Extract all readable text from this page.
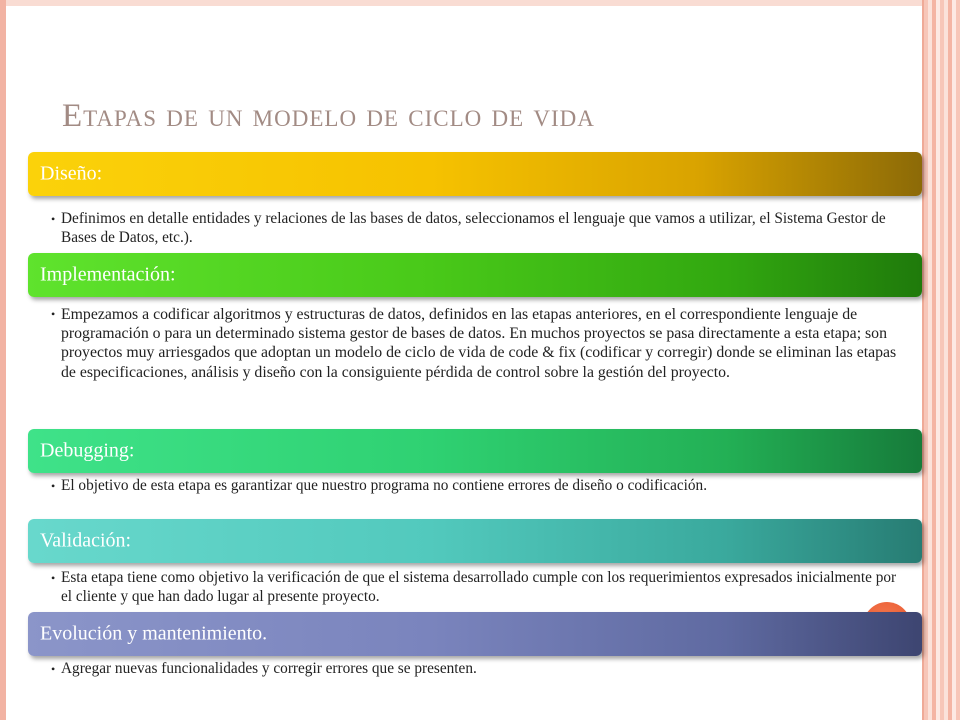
Etapas de un modelo de ciclo de vida
Diseño:
• Definimos en detalle entidades y relaciones de las bases de datos, seleccionamos el lenguaje que vamos a utilizar, el Sistema Gestor de Bases de Datos, etc.).

Implementación:
• Empezamos a codificar algoritmos y estructuras de datos, definidos en las etapas anteriores, en el correspondiente lenguaje de programación o para un determinado sistema gestor de bases de datos. En muchos proyectos se pasa directamente a esta etapa; son proyectos muy arriesgados que adoptan un modelo de ciclo de vida de code & fix (codificar y corregir) donde se eliminan las etapas de especificaciones, análisis y diseño con la consiguiente pérdida de control sobre la gestión del proyecto.

Debugging:
• El objetivo de esta etapa es garantizar que nuestro programa no contiene errores de diseño o codificación.

Validación:
• Esta etapa tiene como objetivo la verificación de que el sistema desarrollado cumple con los requerimientos expresados inicialmente por el cliente y que han dado lugar al presente proyecto.

Evolución y mantenimiento.
• Agregar nuevas funcionalidades y corregir errores que se presenten.
